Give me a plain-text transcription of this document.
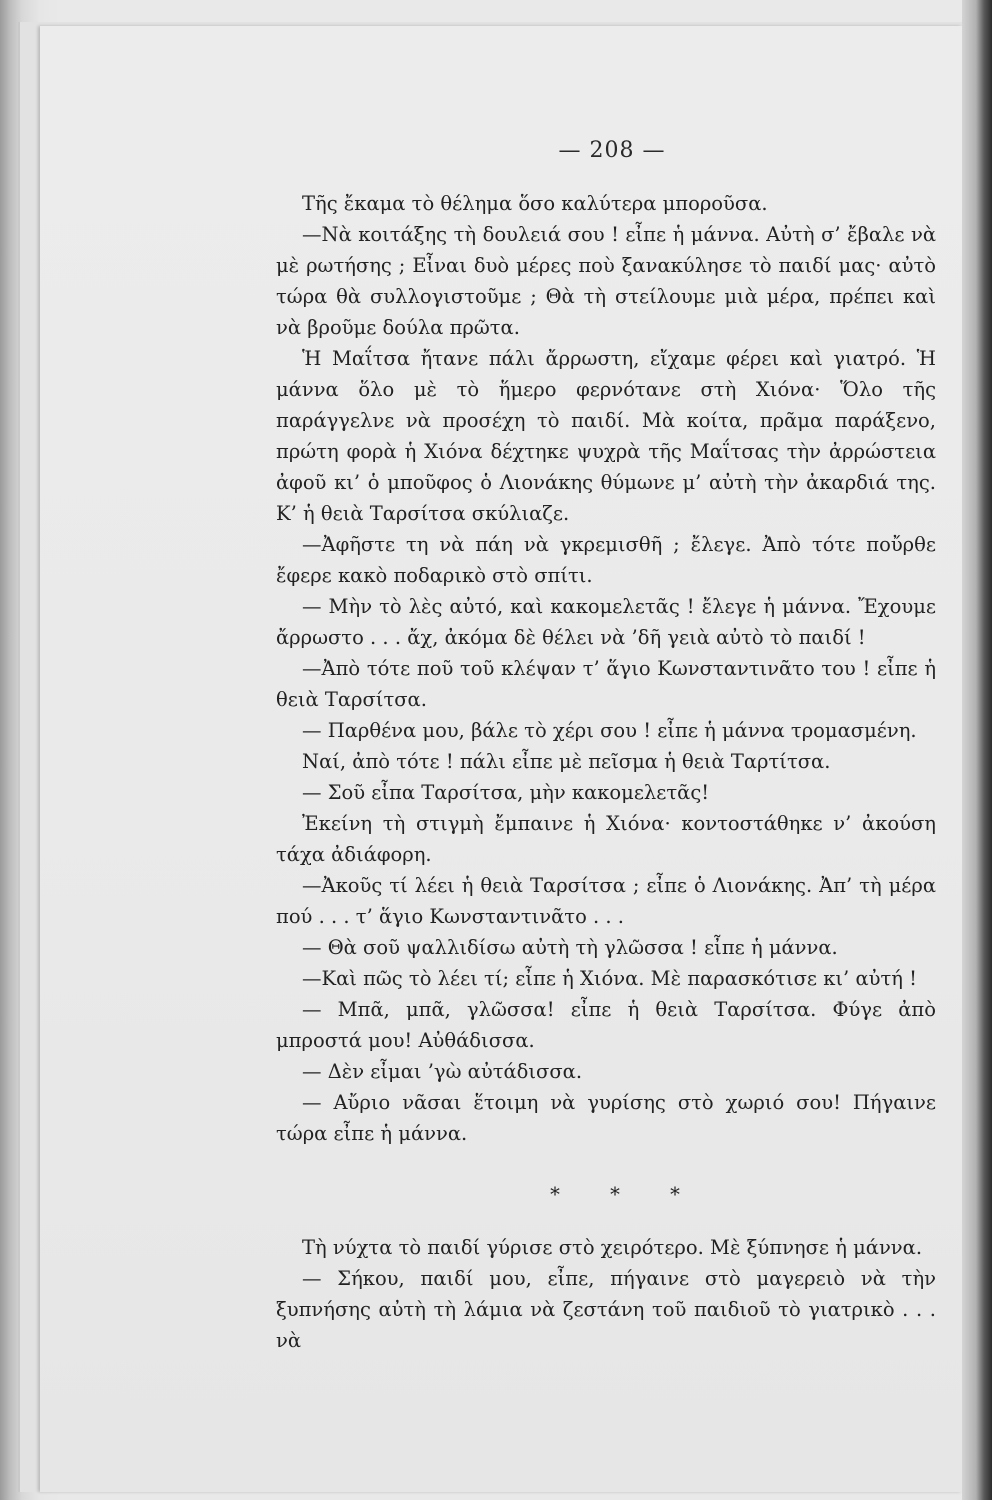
— 208 —

Τῆς ἔκαμα τὸ θέλημα ὅσο καλύτερα μποροῦσα.

—Νὰ κοιτάξης τὴ δουλειά σου ! εἶπε ἡ μάννα. Αὐτὴ σ’ ἔβαλε νὰ μὲ ρωτήσης ; Εἶναι δυὸ μέρες ποὺ ξανακύλησε τὸ παιδί μας· αὐτὸ τώρα θὰ συλλογιστοῦμε ; Θὰ τὴ στείλουμε μιὰ μέρα, πρέπει καὶ νὰ βροῦμε δούλα πρῶτα.

Ἡ Μαΐτσα ἤτανε πάλι ἄρρωστη, εἴχαμε φέρει καὶ γιατρό. Ἡ μάννα ὅλο μὲ τὸ ἥμερο φερνότανε στὴ Χιόνα· Ὅλο τῆς παράγγελνε νὰ προσέχη τὸ παιδί. Μὰ κοίτα, πρᾶμα παράξενο, πρώτη φορὰ ἡ Χιόνα δέχτηκε ψυχρὰ τῆς Μαΐτσας τὴν ἀρρώστεια ἀφοῦ κι’ ὁ μποῦφος ὁ Λιονάκης θύμωνε μ’ αὐτὴ τὴν ἀκαρδιά της. Κ’ ἡ θειὰ Ταρσίτσα σκύλιαζε.

—Ἀφῆστε τη νὰ πάη νὰ γκρεμισθῆ ; ἔλεγε. Ἀπὸ τότε ποὔρθε ἔφερε κακὸ ποδαρικὸ στὸ σπίτι.

— Μὴν τὸ λὲς αὐτό, καὶ κακομελετᾶς ! ἔλεγε ἡ μάννα. Ἔχουμε ἄρρωστο . . . ἄχ, ἀκόμα δὲ θέλει νὰ ’δῆ γειὰ αὐτὸ τὸ παιδί !

—Ἀπὸ τότε ποῦ τοῦ κλέψαν τ’ ἅγιο Κωνσταντινᾶτο του ! εἶπε ἡ θειὰ Ταρσίτσα.

— Παρθένα μου, βάλε τὸ χέρι σου ! εἶπε ἡ μάννα τρομασμένη.

Ναί, ἀπὸ τότε ! πάλι εἶπε μὲ πεῖσμα ἡ θειὰ Ταρτίτσα.

— Σοῦ εἶπα Ταρσίτσα, μὴν κακομελετᾶς!

Ἐκείνη τὴ στιγμὴ ἔμπαινε ἡ Χιόνα· κοντοστάθηκε ν’ ἀκούση τάχα ἀδιάφορη.

—Ἀκοῦς τί λέει ἡ θειὰ Ταρσίτσα ; εἶπε ὁ Λιονάκης. Ἀπ’ τὴ μέρα πού . . . τ’ ἅγιο Κωνσταντινᾶτο . . .

— Θὰ σοῦ ψαλλιδίσω αὐτὴ τὴ γλῶσσα ! εἶπε ἡ μάννα.

—Καὶ πῶς τὸ λέει τί; εἶπε ἡ Χιόνα. Μὲ παρασκότισε κι’ αὐτή !

— Μπᾶ, μπᾶ, γλῶσσα! εἶπε ἡ θειὰ Ταρσίτσα. Φύγε ἀπὸ μπροστά μου! Αὐθάδισσα.

— Δὲν εἶμαι ’γὼ αὐτάδισσα.

— Αὔριο νᾶσαι ἕτοιμη νὰ γυρίσης στὸ χωριό σου! Πήγαινε τώρα εἶπε ἡ μάννα.

* * *

Τὴ νύχτα τὸ παιδί γύρισε στὸ χειρότερο. Μὲ ξύπνησε ἡ μάννα.

— Σήκου, παιδί μου, εἶπε, πήγαινε στὸ μαγερειὸ νὰ τὴν ξυπνήσης αὐτὴ τὴ λάμια νὰ ζεστάνη τοῦ παιδιοῦ τὸ γιατρικὸ . . . νὰ
